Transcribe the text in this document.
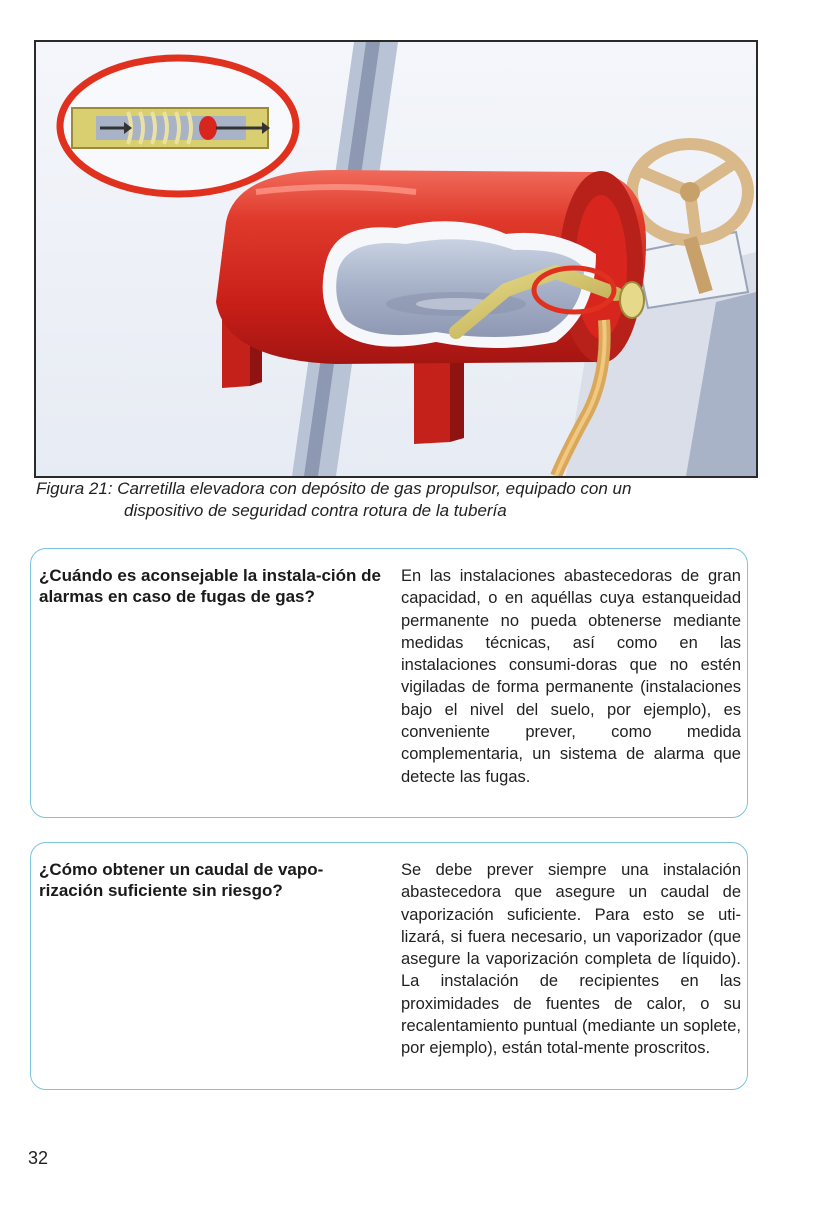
Figura 21: Carretilla elevadora con depósito de gas propulsor, equipado con un
dispositivo de seguridad contra rotura de la tubería
¿Cuándo es aconsejable la instala-ción de alarmas en caso de fugas de gas?
En las instalaciones abastecedoras de gran capacidad, o en aquéllas cuya estanqueidad permanente no pueda obtenerse mediante medidas técnicas, así como en las instalaciones consumi-doras que no estén vigiladas de forma permanente (instalaciones bajo el nivel del suelo, por ejemplo), es conveniente prever, como medida complementaria, un sistema de alarma que detecte las fugas.
¿Cómo obtener un caudal de vapo-rización suficiente sin riesgo?
Se debe prever siempre una instalación abastecedora que asegure un caudal de vaporización suficiente. Para esto se uti-lizará, si fuera necesario, un vaporizador (que asegure la vaporización completa de líquido). La instalación de recipientes en las proximidades de fuentes de calor, o su recalentamiento puntual (mediante un soplete, por ejemplo), están total-mente proscritos.
32
